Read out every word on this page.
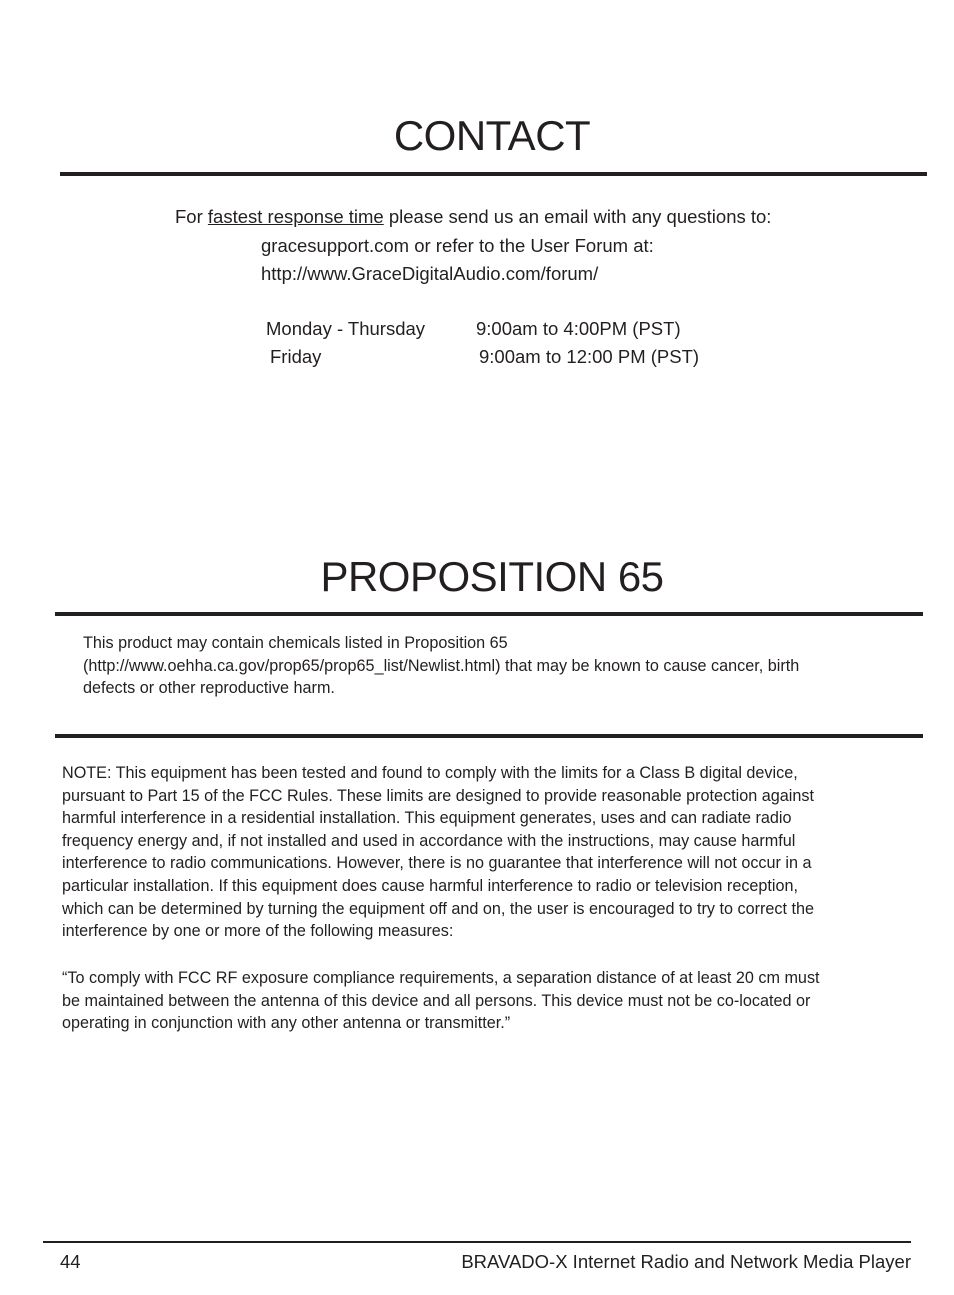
CONTACT
For fastest response time please send us an email with any questions to:
gracesupport.com or refer to the User Forum at:
http://www.GraceDigitalAudio.com/forum/
Monday - Thursday	9:00am to 4:00PM (PST)
Friday	9:00am to 12:00 PM (PST)
PROPOSITION 65
This product may contain chemicals listed in Proposition 65
(http://www.oehha.ca.gov/prop65/prop65_list/Newlist.html) that may be known to cause cancer, birth
defects or other reproductive harm.
NOTE: This equipment has been tested and found to comply with the limits for a Class B digital device,
pursuant to Part 15 of the FCC Rules. These limits are designed to provide reasonable protection against
harmful interference in a residential installation. This equipment generates, uses and can radiate radio
frequency energy and, if not installed and used in accordance with the instructions, may cause harmful
interference to radio communications. However, there is no guarantee that interference will not occur in a
particular installation. If this equipment does cause harmful interference to radio or television reception,
which can be determined by turning the equipment off and on, the user is encouraged to try to correct the
interference by one or more of the following measures:
“To comply with FCC RF exposure compliance requirements, a separation distance of at least 20 cm must
be maintained between the antenna of this device and all persons. This device must not be co-located or
operating in conjunction with any other antenna or transmitter.”
44	BRAVADO-X Internet Radio and Network Media Player
